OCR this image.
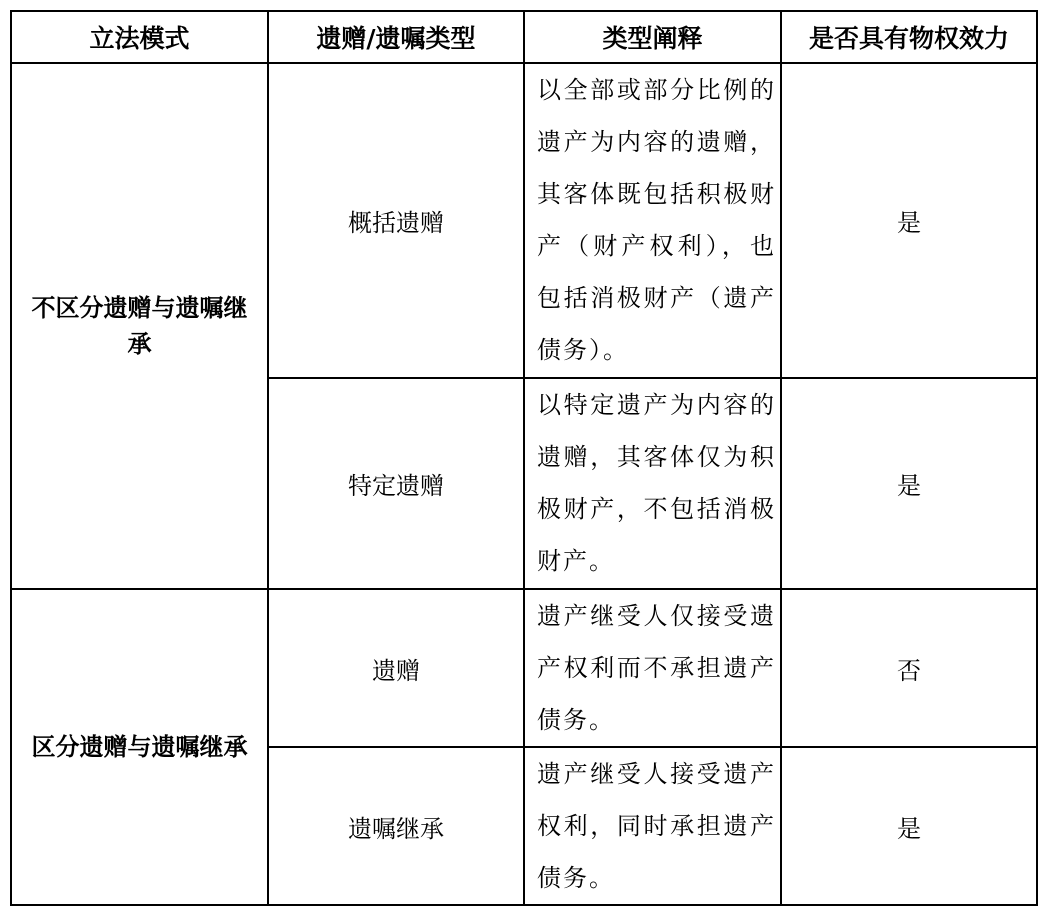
立法模式	遗赠/遗嘱类型	类型阐释	是否具有物权效力
不区分遗赠与遗嘱继承	概括遗赠	以全部或部分比例的遗产为内容的遗赠，其客体既包括积极财产（财产权利），也包括消极财产（遗产债务）。	是
	特定遗赠	以特定遗产为内容的遗赠，其客体仅为积极财产，不包括消极财产。	是
区分遗赠与遗嘱继承	遗赠	遗产继受人仅接受遗产权利而不承担遗产债务。	否
	遗嘱继承	遗产继受人接受遗产权利，同时承担遗产债务。	是
